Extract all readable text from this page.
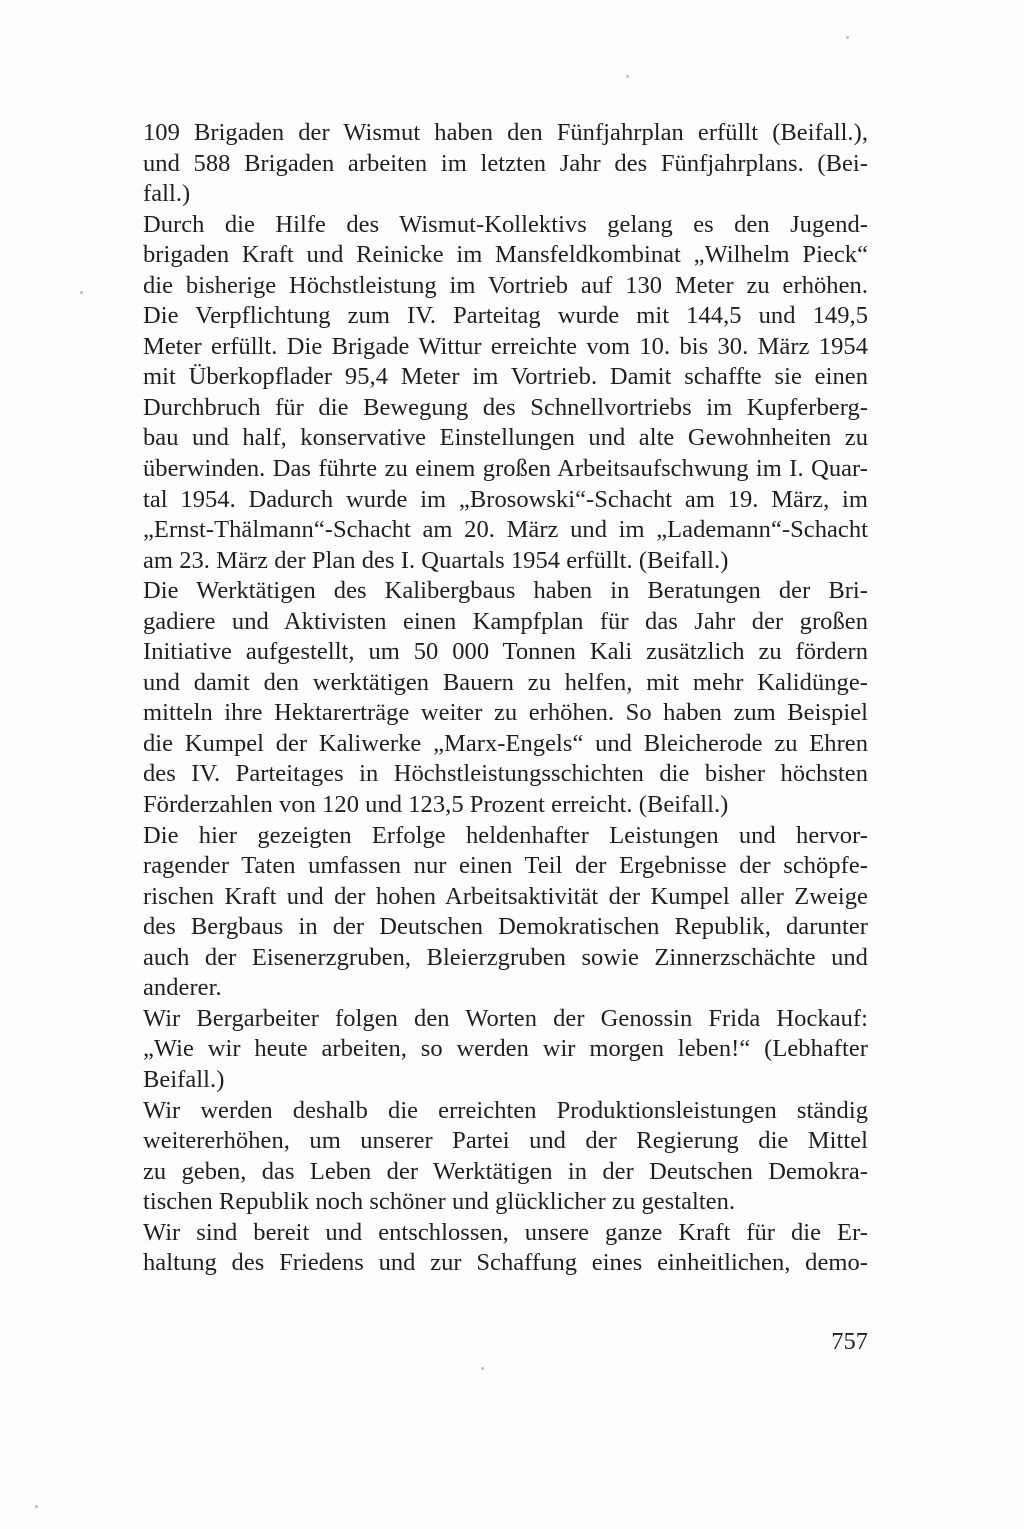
109 Brigaden der Wismut haben den Fünfjahrplan erfüllt (Beifall.),
und 588 Brigaden arbeiten im letzten Jahr des Fünfjahrplans. (Bei-
fall.)
Durch die Hilfe des Wismut-Kollektivs gelang es den Jugend-
brigaden Kraft und Reinicke im Mansfeldkombinat „Wilhelm Pieck“
die bisherige Höchstleistung im Vortrieb auf 130 Meter zu erhöhen.
Die Verpflichtung zum IV. Parteitag wurde mit 144,5 und 149,5
Meter erfüllt. Die Brigade Wittur erreichte vom 10. bis 30. März 1954
mit Überkopflader 95,4 Meter im Vortrieb. Damit schaffte sie einen
Durchbruch für die Bewegung des Schnellvortriebs im Kupferberg-
bau und half, konservative Einstellungen und alte Gewohnheiten zu
überwinden. Das führte zu einem großen Arbeitsaufschwung im I. Quar-
tal 1954. Dadurch wurde im „Brosowski“-Schacht am 19. März, im
„Ernst-Thälmann“-Schacht am 20. März und im „Lademann“-Schacht
am 23. März der Plan des I. Quartals 1954 erfüllt. (Beifall.)
Die Werktätigen des Kalibergbaus haben in Beratungen der Bri-
gadiere und Aktivisten einen Kampfplan für das Jahr der großen
Initiative aufgestellt, um 50 000 Tonnen Kali zusätzlich zu fördern
und damit den werktätigen Bauern zu helfen, mit mehr Kalidünge-
mitteln ihre Hektarerträge weiter zu erhöhen. So haben zum Beispiel
die Kumpel der Kaliwerke „Marx-Engels“ und Bleicherode zu Ehren
des IV. Parteitages in Höchstleistungsschichten die bisher höchsten
Förderzahlen von 120 und 123,5 Prozent erreicht. (Beifall.)
Die hier gezeigten Erfolge heldenhafter Leistungen und hervor-
ragender Taten umfassen nur einen Teil der Ergebnisse der schöpfe-
rischen Kraft und der hohen Arbeitsaktivität der Kumpel aller Zweige
des Bergbaus in der Deutschen Demokratischen Republik, darunter
auch der Eisenerzgruben, Bleierzgruben sowie Zinnerzschächte und
anderer.
Wir Bergarbeiter folgen den Worten der Genossin Frida Hockauf:
„Wie wir heute arbeiten, so werden wir morgen leben!“ (Lebhafter
Beifall.)
Wir werden deshalb die erreichten Produktionsleistungen ständig
weitererhöhen, um unserer Partei und der Regierung die Mittel
zu geben, das Leben der Werktätigen in der Deutschen Demokra-
tischen Republik noch schöner und glücklicher zu gestalten.
Wir sind bereit und entschlossen, unsere ganze Kraft für die Er-
haltung des Friedens und zur Schaffung eines einheitlichen, demo-
757
